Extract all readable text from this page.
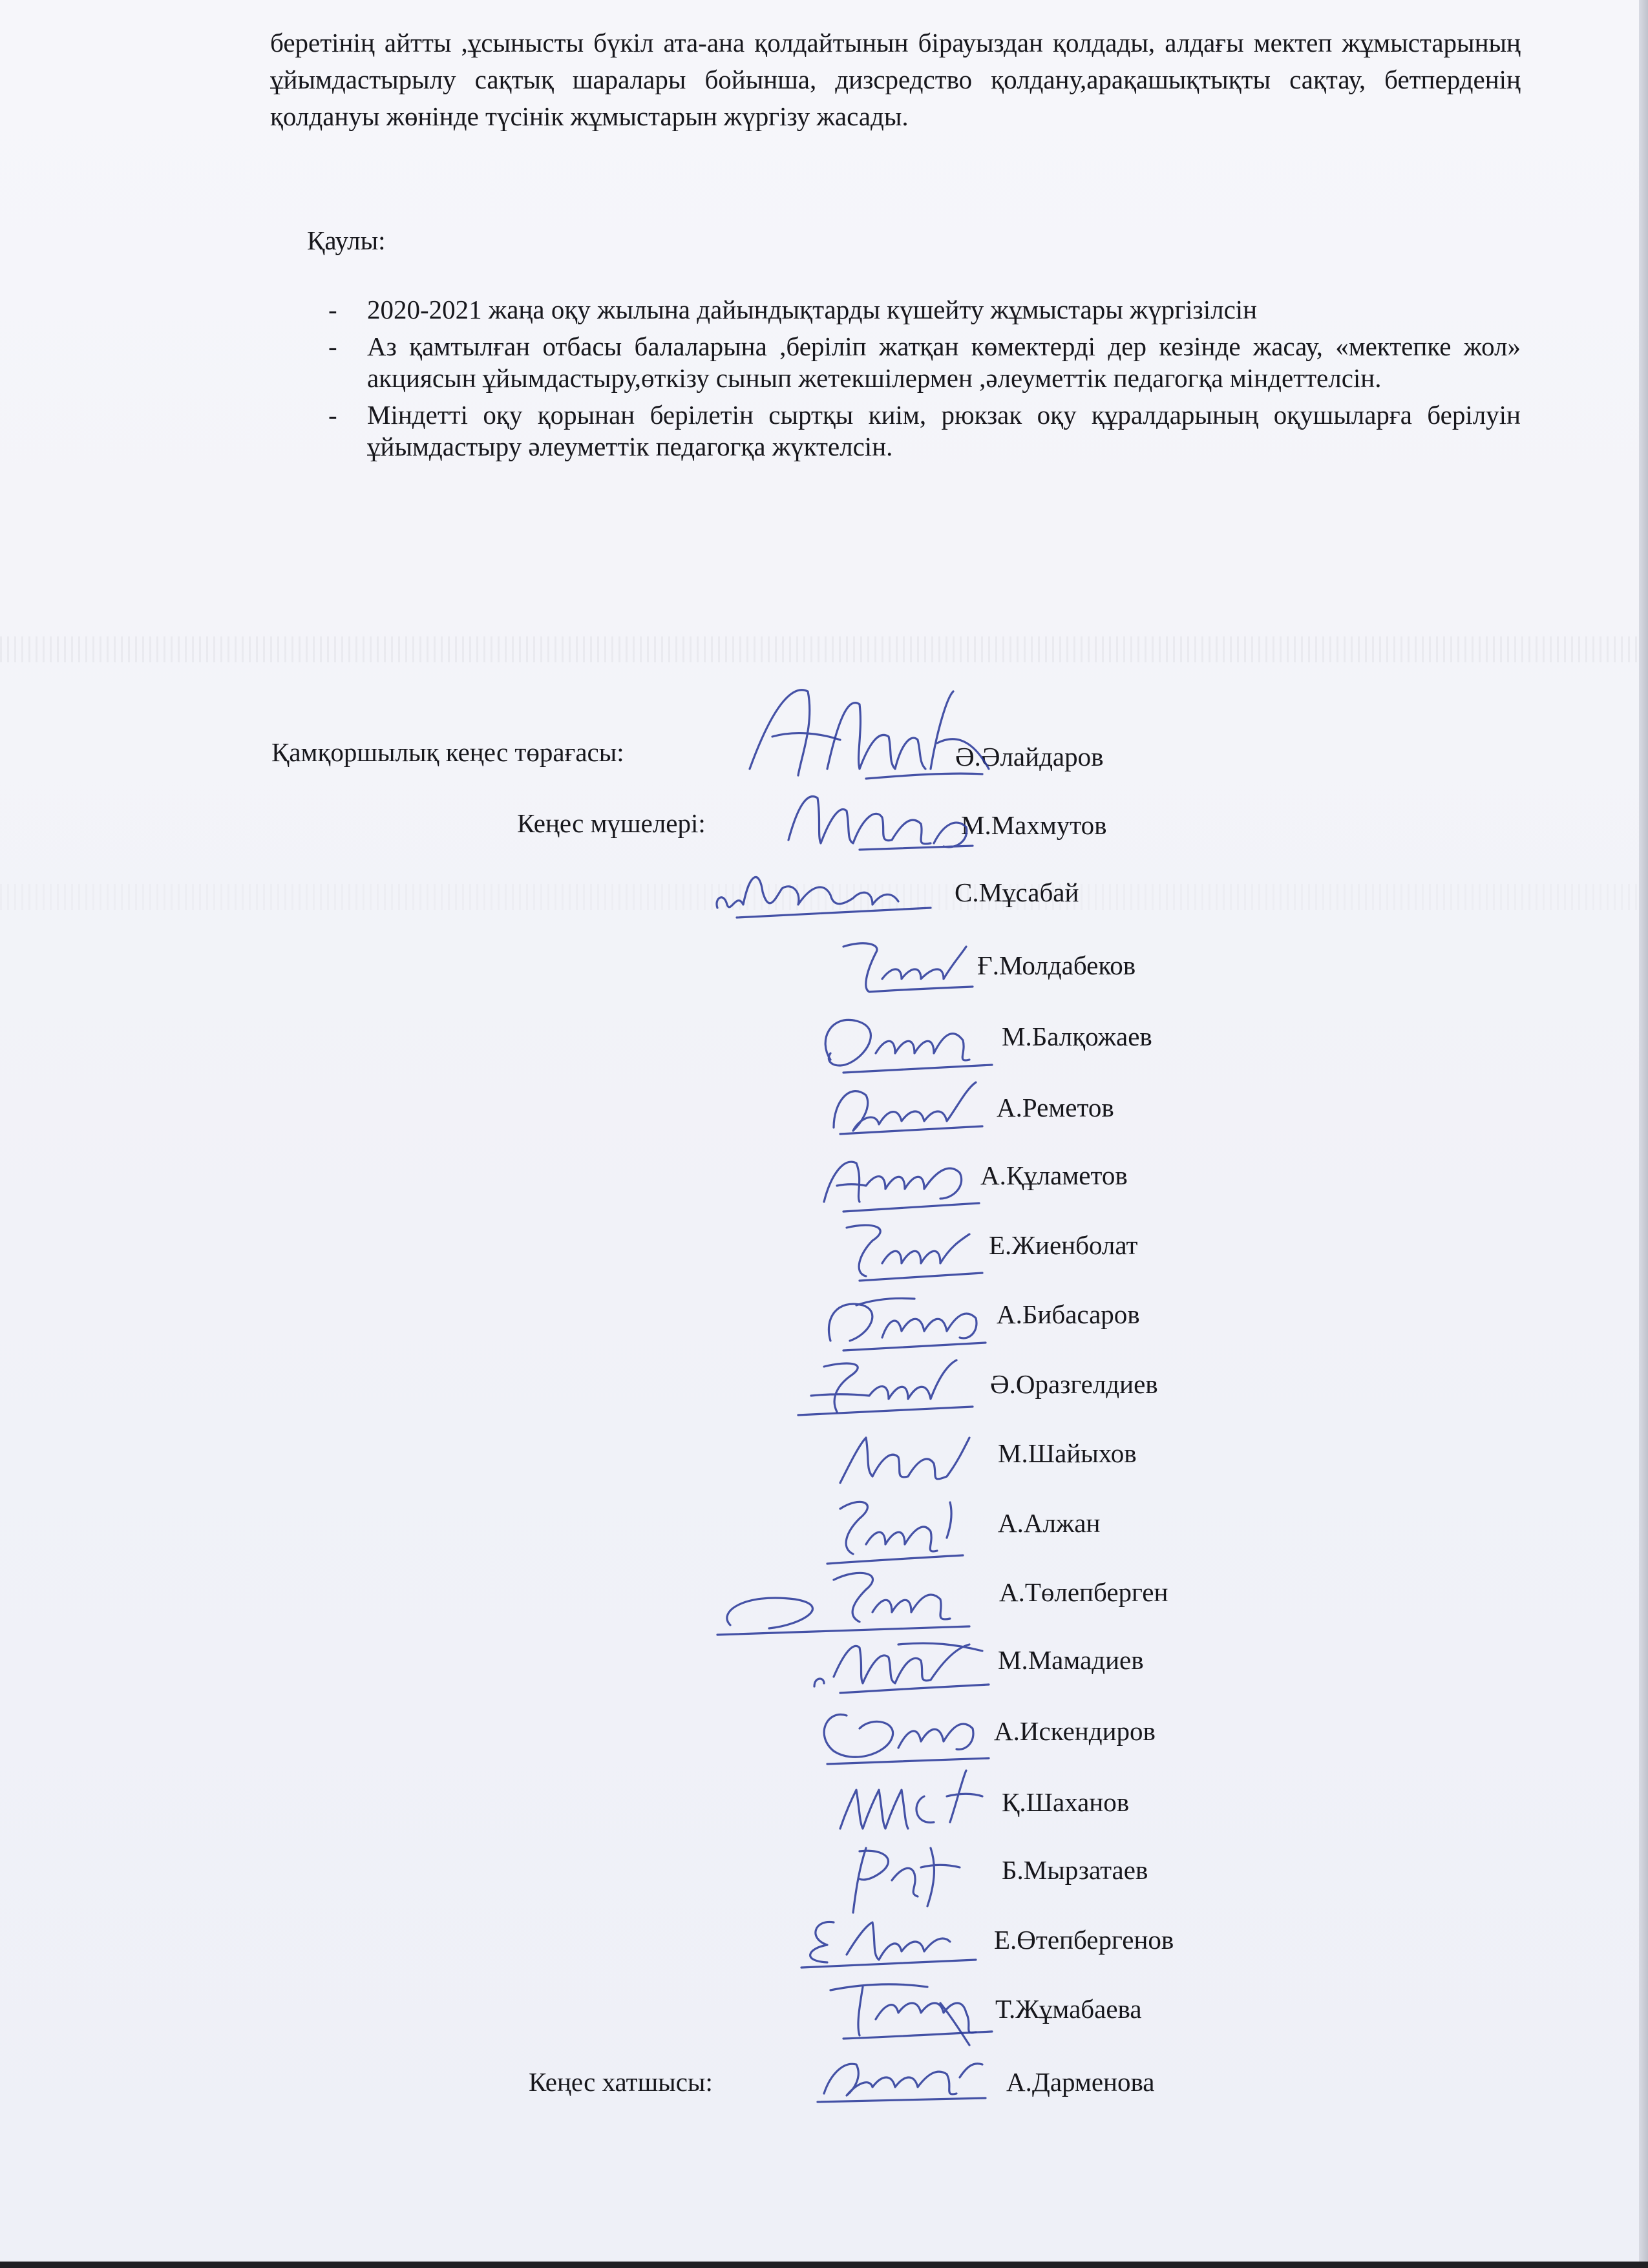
беретінің айтты ,ұсынысты бүкіл ата-ана қолдайтынын бірауыздан қолдады, алдағы мектеп жұмыстарының ұйымдастырылу сақтық шаралары бойынша, дизсредство қолдану,арақашықтықты сақтау, бетперденің қолдануы жөнінде түсінік жұмыстарын жүргізу жасады.

Қаулы:

- 2020-2021 жаңа оқу жылына дайындықтарды күшейту жұмыстары жүргізілсін
- Аз қамтылған отбасы балаларына ,беріліп жатқан көмектерді дер кезінде жасау, «мектепке жол» акциясын ұйымдастыру,өткізу сынып жетекшілермен ,әлеуметтік педагогқа міндеттелсін.
- Міндетті оқу қорынан берілетін сыртқы киім, рюкзак оқу құралдарының оқушыларға берілуін ұйымдастыру әлеуметтік педагогқа жүктелсін.
Қамқоршылық кеңес төрағасы:
Кеңес мүшелері:
Кеңес хатшысы:
Ә.Әлайдаров
М.Махмутов
С.Мұсабай
Ғ.Молдабеков
М.Балқожаев
А.Реметов
А.Құламетов
Е.Жиенболат
А.Бибасаров
Ә.Оразгелдиев
М.Шайыхов
А.Алжан
А.Төлепберген
М.Мамадиев
А.Искендиров
Қ.Шаханов
Б.Мырзатаев
Е.Өтепбергенов
Т.Жұмабаева
А.Дарменова
